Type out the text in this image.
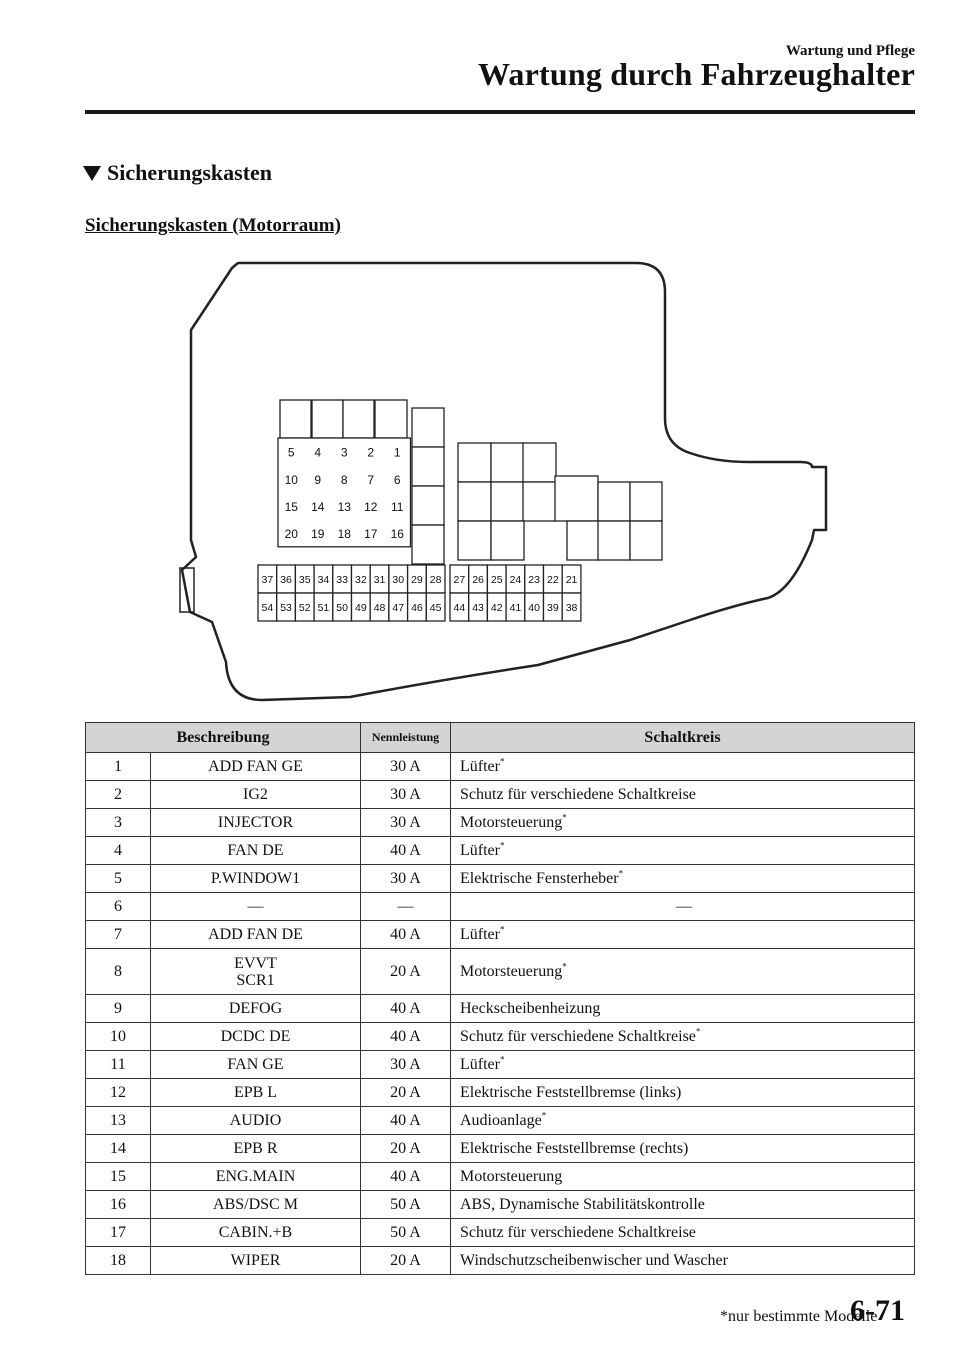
Wartung und Pflege
Wartung durch Fahrzeughalter
Sicherungskasten
Sicherungskasten (Motorraum)
5 4 3 2 1
10 9 8 7 6
15 14 13 12 11
20 19 18 17 16
37 36 35 34 33 32 31 30 29 28
54 53 52 51 50 49 48 47 46 45
27 26 25 24 23 22 21
44 43 42 41 40 39 38
Beschreibung		Nennleistung	Schaltkreis
1	ADD FAN GE	30 A	Lüfter*
2	IG2	30 A	Schutz für verschiedene Schaltkreise
3	INJECTOR	30 A	Motorsteuerung*
4	FAN DE	40 A	Lüfter*
5	P.WINDOW1	30 A	Elektrische Fensterheber*
6	—	—	—
7	ADD FAN DE	40 A	Lüfter*
8	EVVT
SCR1	20 A	Motorsteuerung*
9	DEFOG	40 A	Heckscheibenheizung
10	DCDC DE	40 A	Schutz für verschiedene Schaltkreise*
11	FAN GE	30 A	Lüfter*
12	EPB L	20 A	Elektrische Feststellbremse (links)
13	AUDIO	40 A	Audioanlage*
14	EPB R	20 A	Elektrische Feststellbremse (rechts)
15	ENG.MAIN	40 A	Motorsteuerung
16	ABS/DSC M	50 A	ABS, Dynamische Stabilitätskontrolle
17	CABIN.+B	50 A	Schutz für verschiedene Schaltkreise
18	WIPER	20 A	Windschutzscheibenwischer und Wascher
*nur bestimmte Modelle
6-71
